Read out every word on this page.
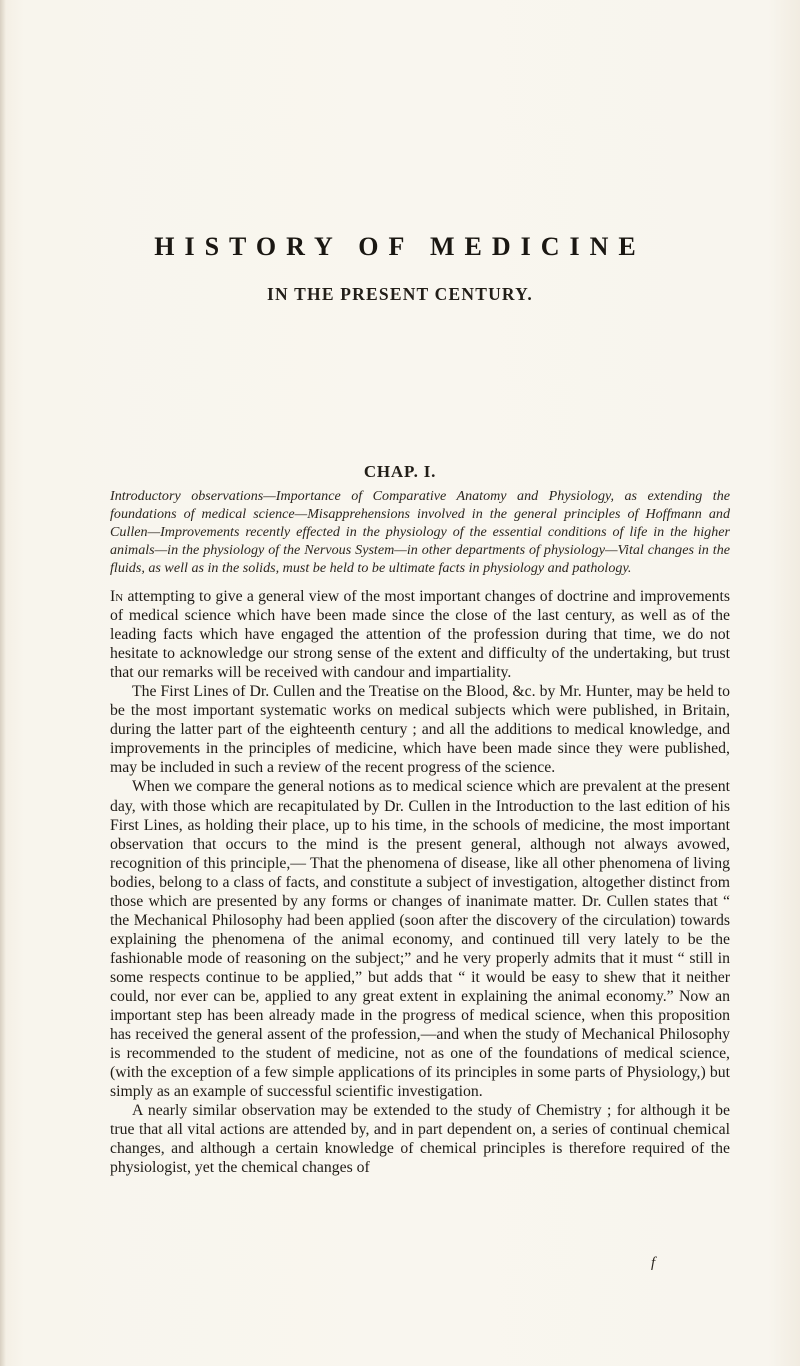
HISTORY OF MEDICINE
IN THE PRESENT CENTURY.
CHAP. I.

Introductory observations—Importance of Comparative Anatomy and Physiology, as extending the foundations of medical science—Misapprehensions involved in the general principles of Hoffmann and Cullen—Improvements recently effected in the physiology of the essential conditions of life in the higher animals—in the physiology of the Nervous System—in other departments of physiology—Vital changes in the fluids, as well as in the solids, must be held to be ultimate facts in physiology and pathology.

In attempting to give a general view of the most important changes of doctrine and improvements of medical science which have been made since the close of the last century, as well as of the leading facts which have engaged the attention of the profession during that time, we do not hesitate to acknowledge our strong sense of the extent and difficulty of the undertaking, but trust that our remarks will be received with candour and impartiality.

The First Lines of Dr. Cullen and the Treatise on the Blood, &c. by Mr. Hunter, may be held to be the most important systematic works on medical subjects which were published, in Britain, during the latter part of the eighteenth century ; and all the additions to medical knowledge, and improvements in the principles of medicine, which have been made since they were published, may be included in such a review of the recent progress of the science.

When we compare the general notions as to medical science which are prevalent at the present day, with those which are recapitulated by Dr. Cullen in the Introduction to the last edition of his First Lines, as holding their place, up to his time, in the schools of medicine, the most important observation that occurs to the mind is the present general, although not always avowed, recognition of this principle,— That the phenomena of disease, like all other phenomena of living bodies, belong to a class of facts, and constitute a subject of investigation, altogether distinct from those which are presented by any forms or changes of inanimate matter. Dr. Cullen states that “ the Mechanical Philosophy had been applied (soon after the discovery of the circulation) towards explaining the phenomena of the animal economy, and continued till very lately to be the fashionable mode of reasoning on the subject;” and he very properly admits that it must “ still in some respects continue to be applied,” but adds that “ it would be easy to shew that it neither could, nor ever can be, applied to any great extent in explaining the animal economy.” Now an important step has been already made in the progress of medical science, when this proposition has received the general assent of the profession,—and when the study of Mechanical Philosophy is recommended to the student of medicine, not as one of the foundations of medical science, (with the exception of a few simple applications of its principles in some parts of Physiology,) but simply as an example of successful scientific investigation.

A nearly similar observation may be extended to the study of Chemistry ; for although it be true that all vital actions are attended by, and in part dependent on, a series of continual chemical changes, and although a certain knowledge of chemical principles is therefore required of the physiologist, yet the chemical changes of

f
